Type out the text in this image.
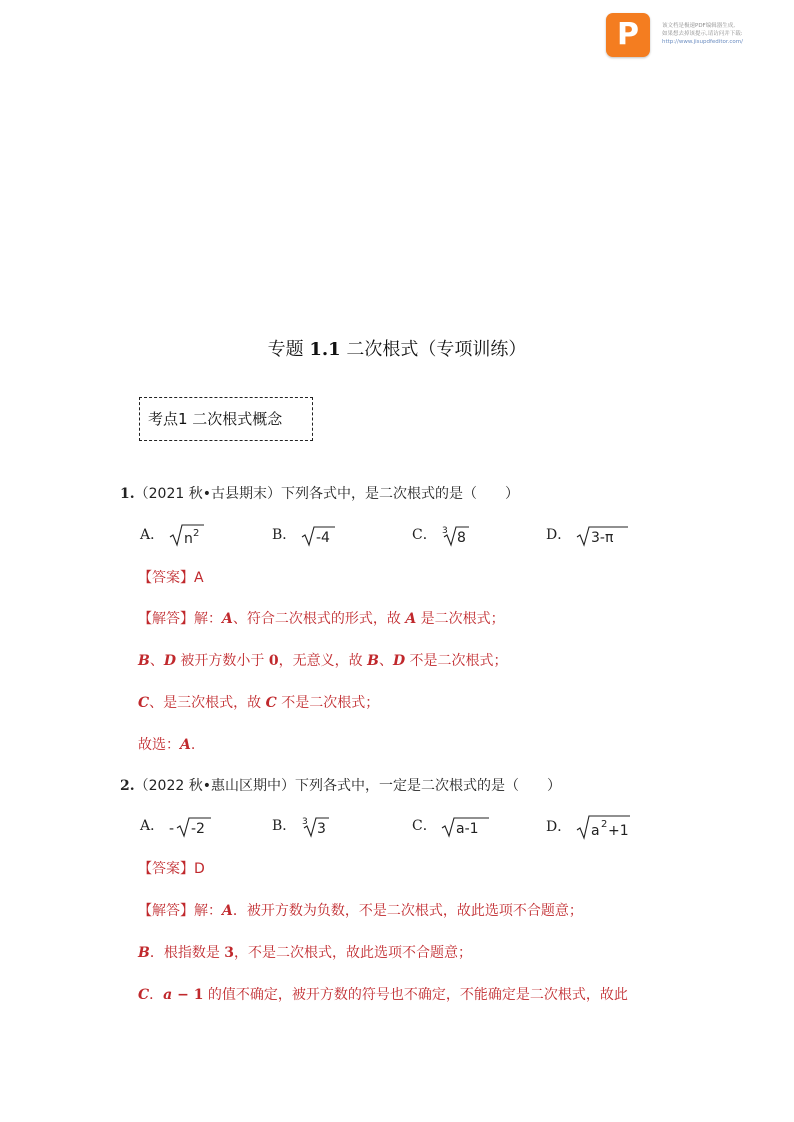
P	该文档是极速PDF编辑器生成,
如果想去掉该提示,请访问并下载:
http://www.jisupdfeditor.com/
专题 1.1 二次根式（专项训练）
考点1 二次根式概念
1.（2021 秋•古县期末）下列各式中，是二次根式的是（　　）
A． n 2	B． -4	C． 3 8	D． 3-π
【答案】A
【解答】解：A、符合二次根式的形式，故 A 是二次根式；
B、D 被开方数小于 0，无意义，故 B、D 不是二次根式；
C、是三次根式，故 C 不是二次根式；
故选：A.
2.（2022 秋•惠山区期中）下列各式中，一定是二次根式的是（　　）
A． - -2	B． 3 3	C． a-1	D． a 2 +1
【答案】D
【解答】解：A．被开方数为负数，不是二次根式，故此选项不合题意；
B．根指数是 3，不是二次根式，故此选项不合题意；
C．a − 1 的值不确定，被开方数的符号也不确定，不能确定是二次根式，故此
